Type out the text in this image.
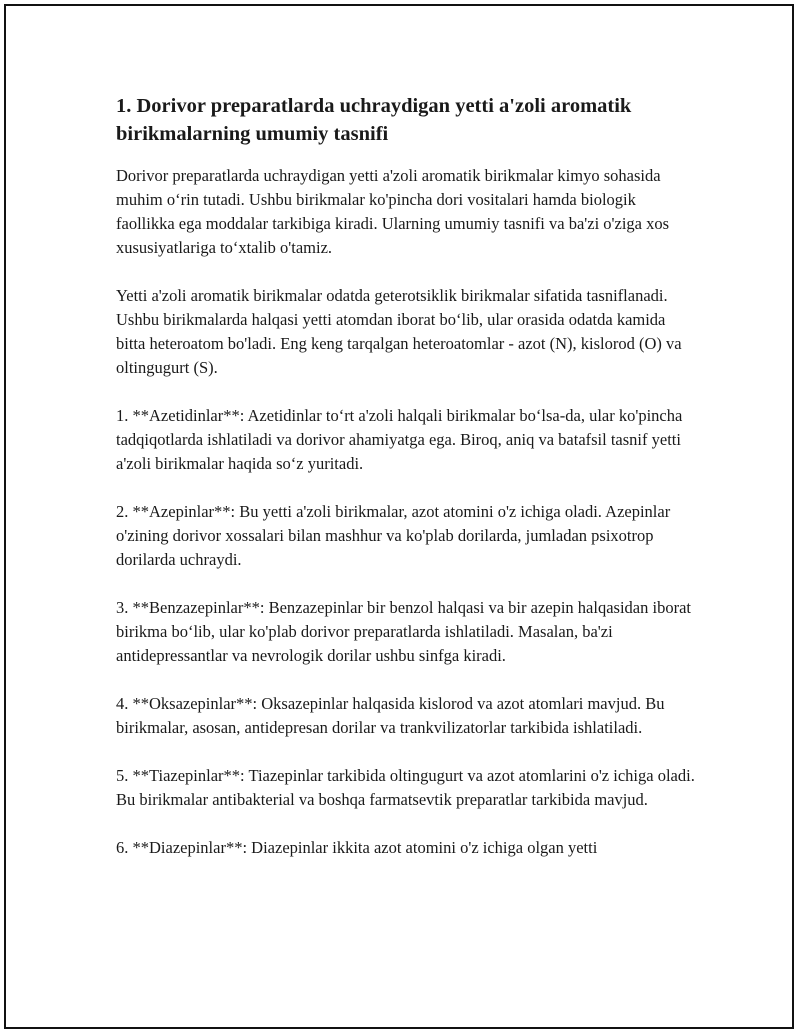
1. Dorivor preparatlarda uchraydigan yetti a'zoli aromatik birikmalarning umumiy tasnifi

Dorivor preparatlarda uchraydigan yetti a'zoli aromatik birikmalar kimyo sohasida muhim o‘rin tutadi. Ushbu birikmalar ko'pincha dori vositalari hamda biologik faollikka ega moddalar tarkibiga kiradi. Ularning umumiy tasnifi va ba'zi o'ziga xos xususiyatlariga to‘xtalib o'tamiz.

Yetti a'zoli aromatik birikmalar odatda geterotsiklik birikmalar sifatida tasniflanadi. Ushbu birikmalarda halqasi yetti atomdan iborat bo‘lib, ular orasida odatda kamida bitta heteroatom bo'ladi. Eng keng tarqalgan heteroatomlar - azot (N), kislorod (O) va oltingugurt (S).

1. **Azetidinlar**: Azetidinlar to‘rt a'zoli halqali birikmalar bo‘lsa-da, ular ko'pincha tadqiqotlarda ishlatiladi va dorivor ahamiyatga ega. Biroq, aniq va batafsil tasnif yetti a'zoli birikmalar haqida so‘z yuritadi.

2. **Azepinlar**: Bu yetti a'zoli birikmalar, azot atomini o'z ichiga oladi. Azepinlar o'zining dorivor xossalari bilan mashhur va ko'plab dorilarda, jumladan psixotrop dorilarda uchraydi.

3. **Benzazepinlar**: Benzazepinlar bir benzol halqasi va bir azepin halqasidan iborat birikma bo‘lib, ular ko'plab dorivor preparatlarda ishlatiladi. Masalan, ba'zi antidepressantlar va nevrologik dorilar ushbu sinfga kiradi.

4. **Oksazepinlar**: Oksazepinlar halqasida kislorod va azot atomlari mavjud. Bu birikmalar, asosan, antidepresan dorilar va trankvilizatorlar tarkibida ishlatiladi.

5. **Tiazepinlar**: Tiazepinlar tarkibida oltingugurt va azot atomlarini o'z ichiga oladi. Bu birikmalar antibakterial va boshqa farmatsevtik preparatlar tarkibida mavjud.

6. **Diazepinlar**: Diazepinlar ikkita azot atomini o'z ichiga olgan yetti
